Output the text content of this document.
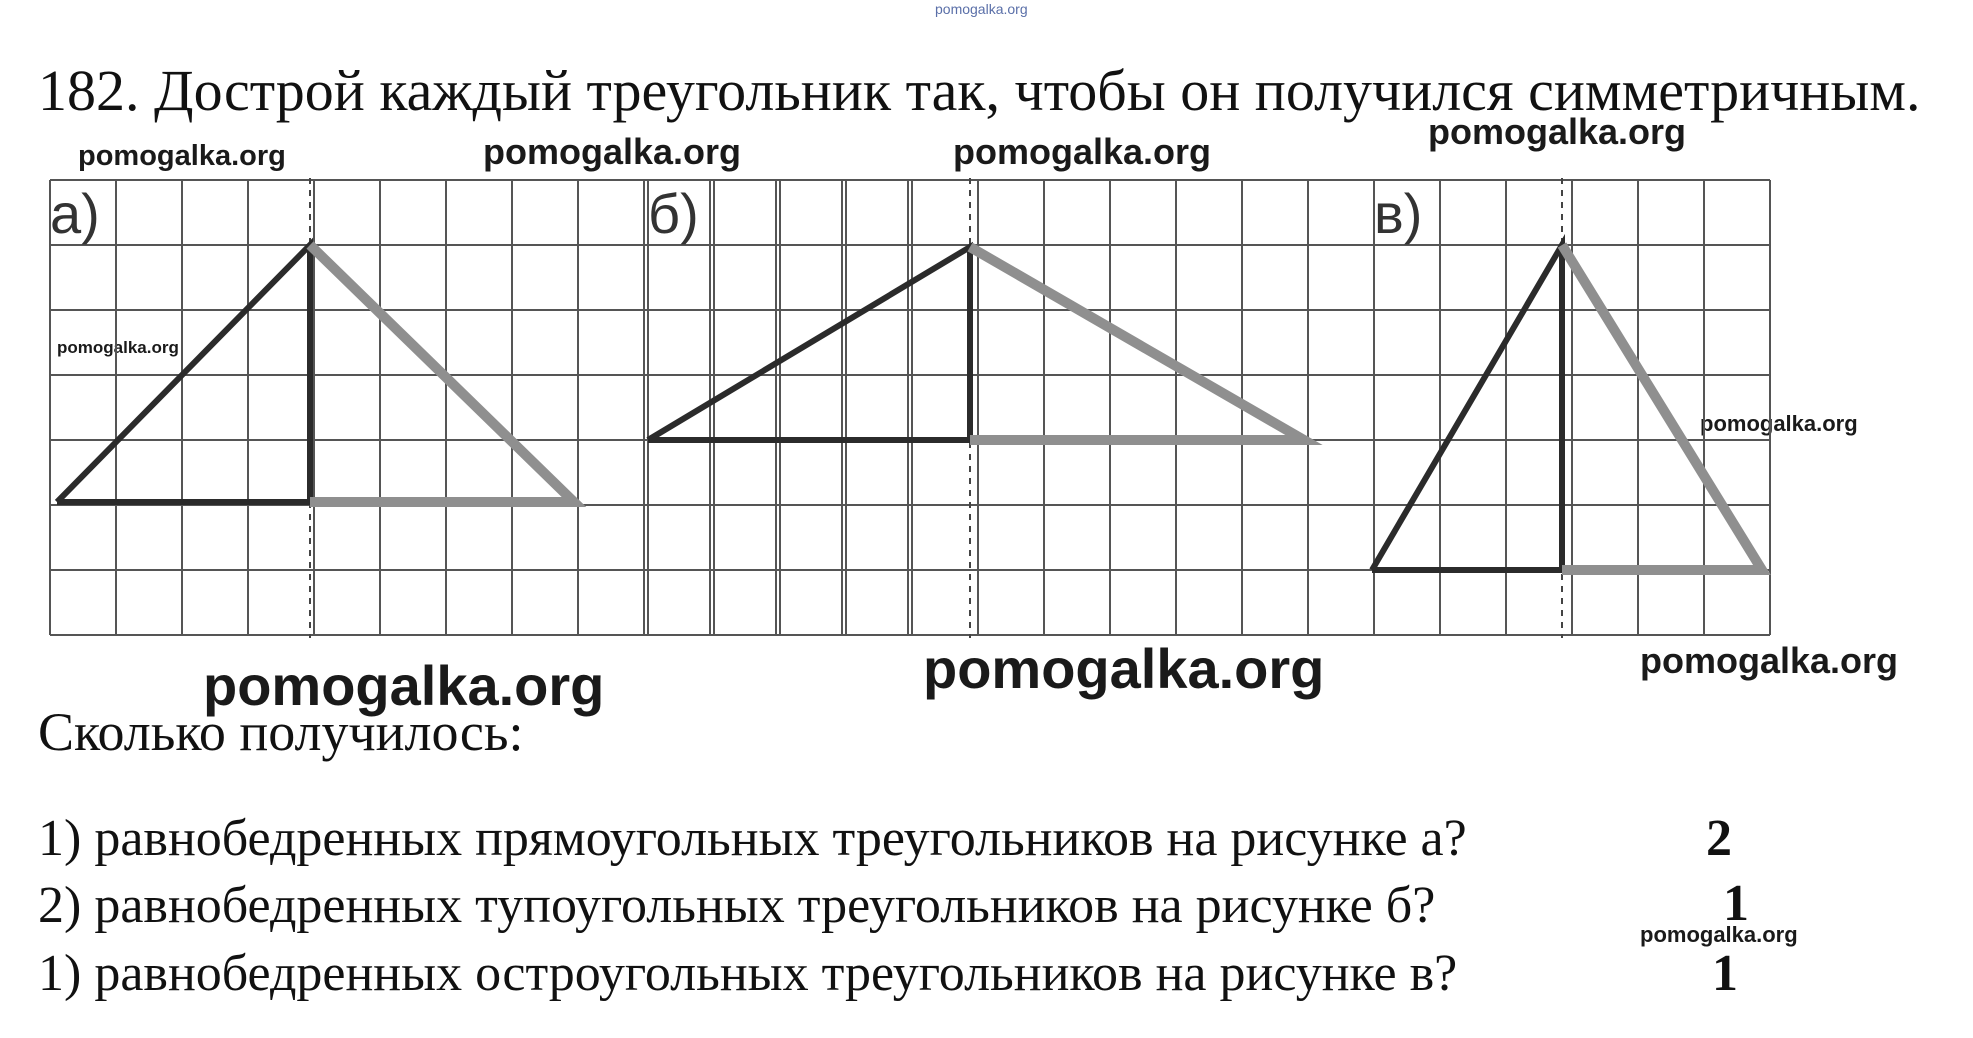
pomogalka.org
182. Дострой каждый треугольник так, чтобы он получился симметричным.
pomogalka.org	pomogalka.org	pomogalka.org	pomogalka.org
pomogalka.org
pomogalka.org
pomogalka.org	pomogalka.org	pomogalka.org
pomogalka.org
а)	б)	в)
Сколько получилось:
1) равнобедренных прямоугольных треугольников на рисунке а?	2
2) равнобедренных тупоугольных треугольников на рисунке б?	1
1) равнобедренных остроугольных треугольников на рисунке в?	1
